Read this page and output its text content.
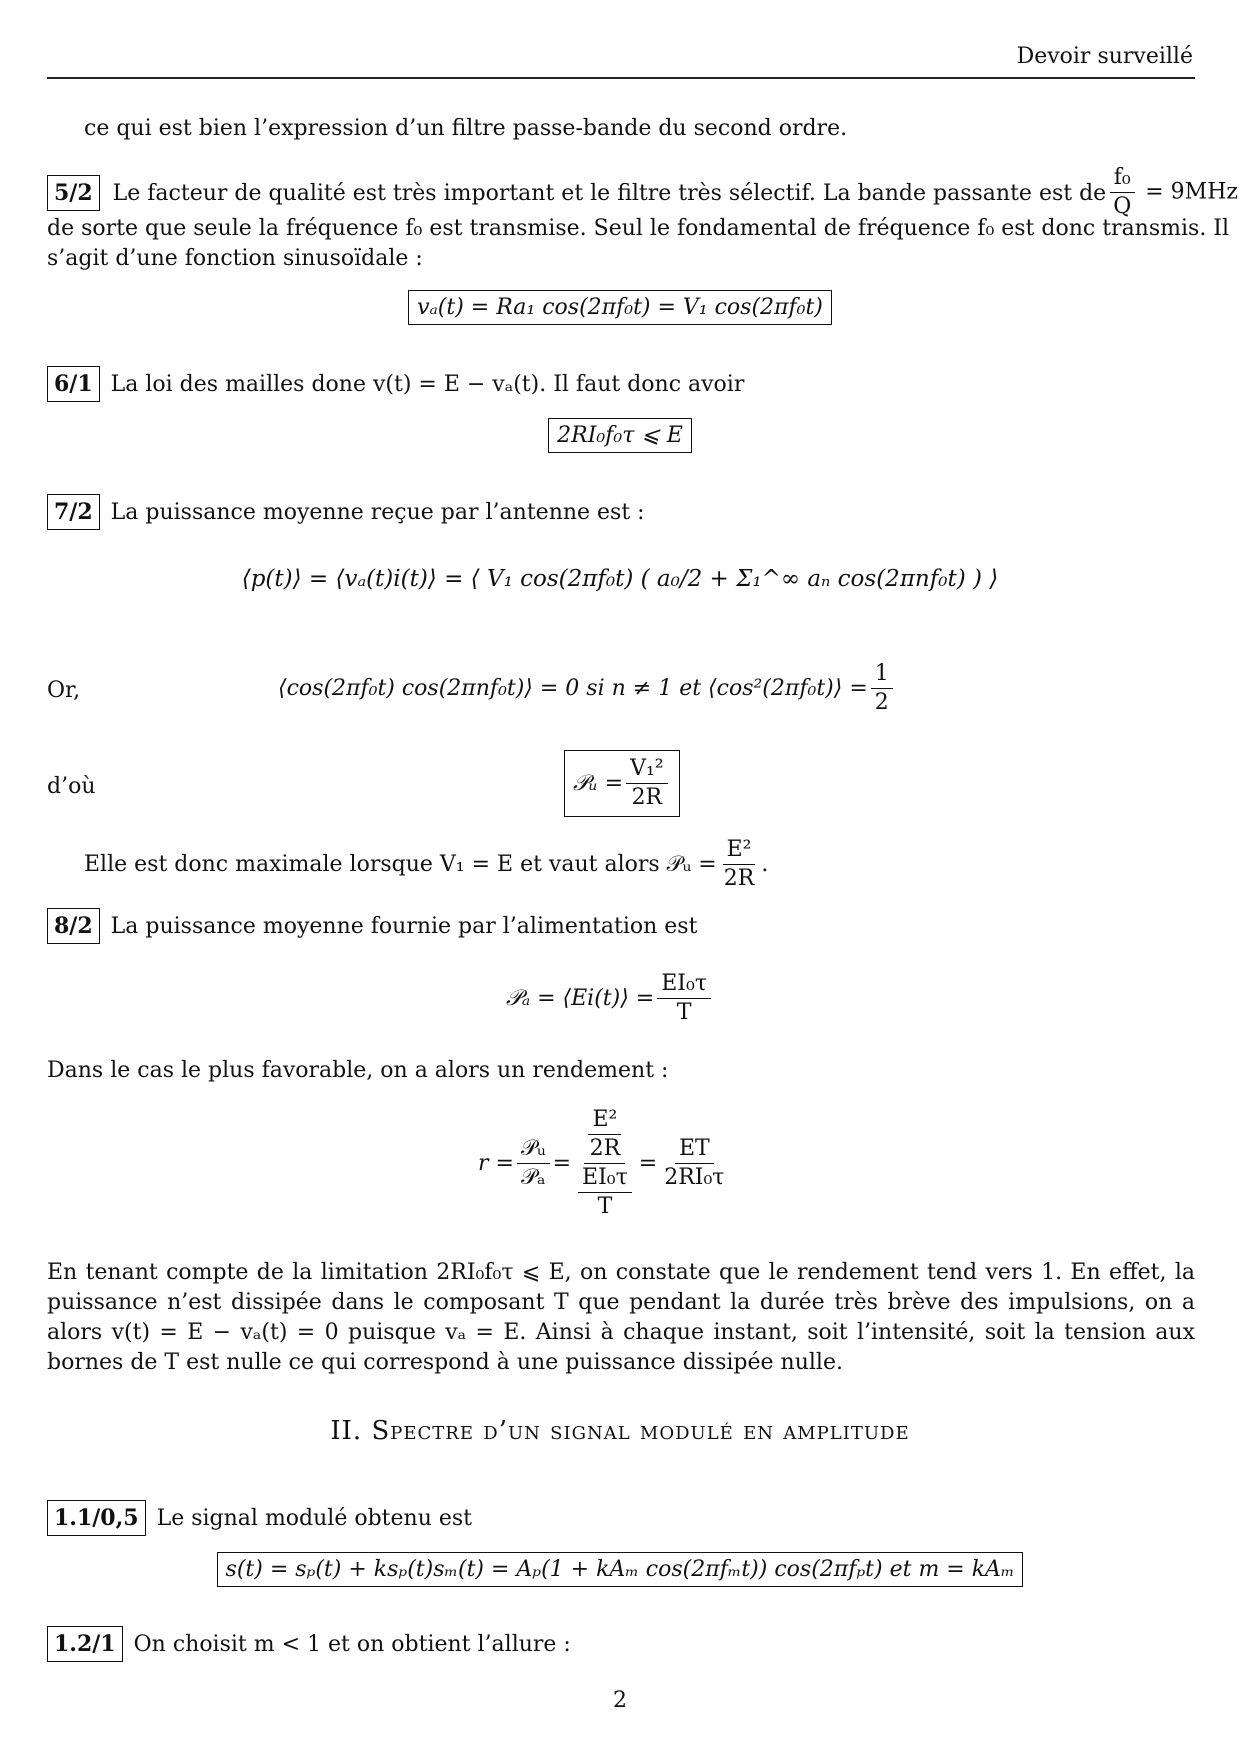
Devoir surveillé
ce qui est bien l’expression d’un filtre passe-bande du second ordre.
5/2 Le facteur de qualité est très important et le filtre très sélectif. La bande passante est de $\frac{\text{f₀}}{Q} = 9MHz$
de sorte que seule la fréquence f₀ est transmise. Seul le fondamental de fréquence f₀ est donc transmis. Il
s’agit d’une fonction sinusoïdale :
vₐ(t) = Ra₁ cos(2πf₀t) = V₁ cos(2πf₀t)
6/1 La loi des mailles done v(t) = E − vₐ(t). Il faut donc avoir
2RI₀f₀τ ⩽ E
7/2 La puissance moyenne reçue par l’antenne est :
⟨p(t)⟩ = ⟨vₐ(t)i(t)⟩ = ⟨ V₁ cos(2πf₀t) ( a₀/2 + Σ₁^∞ aₙ cos(2πnf₀t) ) ⟩
Or,	⟨cos(2πf₀t) cos(2πnf₀t)⟩ = 0 si n ≠ 1 et ⟨cos²(2πf₀t)⟩ = $\frac{1}{2}$
d’où	𝒫ᵤ = $\frac{\text{V₁²}}{2R}$
Elle est donc maximale lorsque V₁ = E et vaut alors 𝒫ᵤ = $\frac{\text{E²}}{2R}$ .
8/2 La puissance moyenne fournie par l’alimentation est
𝒫ₐ = ⟨Ei(t)⟩ = $\frac{\text{EI₀τ}}{T}$
Dans le cas le plus favorable, on a alors un rendement :
$r = \frac{\text{𝒫ᵤ}}{\text{𝒫ₐ}} = \frac{\frac{\text{E²}}{2R}}{\frac{\text{EI₀τ}}{T}} = \frac{ET}{\text{2RI₀τ}}$
En tenant compte de la limitation 2RI₀f₀τ ⩽ E, on constate que le rendement tend vers 1. En effet, la puissance n’est dissipée dans le composant T que pendant la durée très brève des impulsions, on a alors v(t) = E − vₐ(t) = 0 puisque vₐ = E. Ainsi à chaque instant, soit l’intensité, soit la tension aux bornes de T est nulle ce qui correspond à une puissance dissipée nulle.
II. Spectre d’un signal modulé en amplitude
1.1/0,5 Le signal modulé obtenu est
s(t) = sₚ(t) + ksₚ(t)sₘ(t) = Aₚ(1 + kAₘ cos(2πfₘt)) cos(2πfₚt) et m = kAₘ
1.2/1 On choisit m < 1 et on obtient l’allure :
2
